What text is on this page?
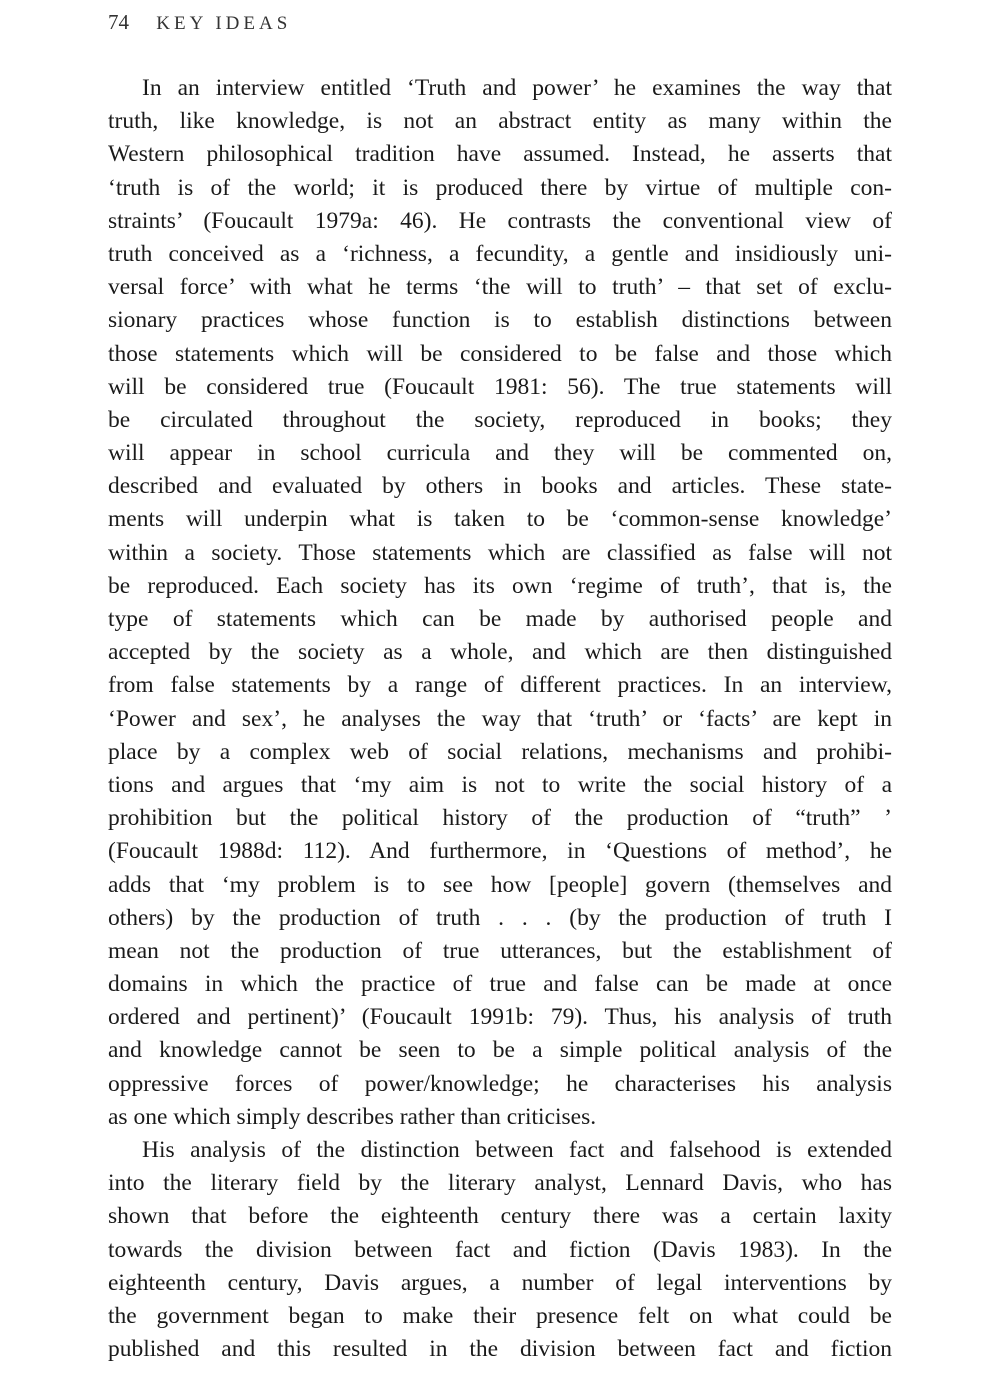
74 KEY IDEAS
In an interview entitled ‘Truth and power’ he examines the way that
truth, like knowledge, is not an abstract entity as many within the
Western philosophical tradition have assumed. Instead, he asserts that
‘truth is of the world; it is produced there by virtue of multiple con-
straints’ (Foucault 1979a: 46). He contrasts the conventional view of
truth conceived as a ‘richness, a fecundity, a gentle and insidiously uni-
versal force’ with what he terms ‘the will to truth’ – that set of exclu-
sionary practices whose function is to establish distinctions between
those statements which will be considered to be false and those which
will be considered true (Foucault 1981: 56). The true statements will
be circulated throughout the society, reproduced in books; they
will appear in school curricula and they will be commented on,
described and evaluated by others in books and articles. These state-
ments will underpin what is taken to be ‘common-sense knowledge’
within a society. Those statements which are classified as false will not
be reproduced. Each society has its own ‘regime of truth’, that is, the
type of statements which can be made by authorised people and
accepted by the society as a whole, and which are then distinguished
from false statements by a range of different practices. In an interview,
‘Power and sex’, he analyses the way that ‘truth’ or ‘facts’ are kept in
place by a complex web of social relations, mechanisms and prohibi-
tions and argues that ‘my aim is not to write the social history of a
prohibition but the political history of the production of “truth” ’
(Foucault 1988d: 112). And furthermore, in ‘Questions of method’, he
adds that ‘my problem is to see how [people] govern (themselves and
others) by the production of truth . . . (by the production of truth I
mean not the production of true utterances, but the establishment of
domains in which the practice of true and false can be made at once
ordered and pertinent)’ (Foucault 1991b: 79). Thus, his analysis of truth
and knowledge cannot be seen to be a simple political analysis of the
oppressive forces of power/knowledge; he characterises his analysis
as one which simply describes rather than criticises.
His analysis of the distinction between fact and falsehood is extended
into the literary field by the literary analyst, Lennard Davis, who has
shown that before the eighteenth century there was a certain laxity
towards the division between fact and fiction (Davis 1983). In the
eighteenth century, Davis argues, a number of legal interventions by
the government began to make their presence felt on what could be
published and this resulted in the division between fact and fiction
